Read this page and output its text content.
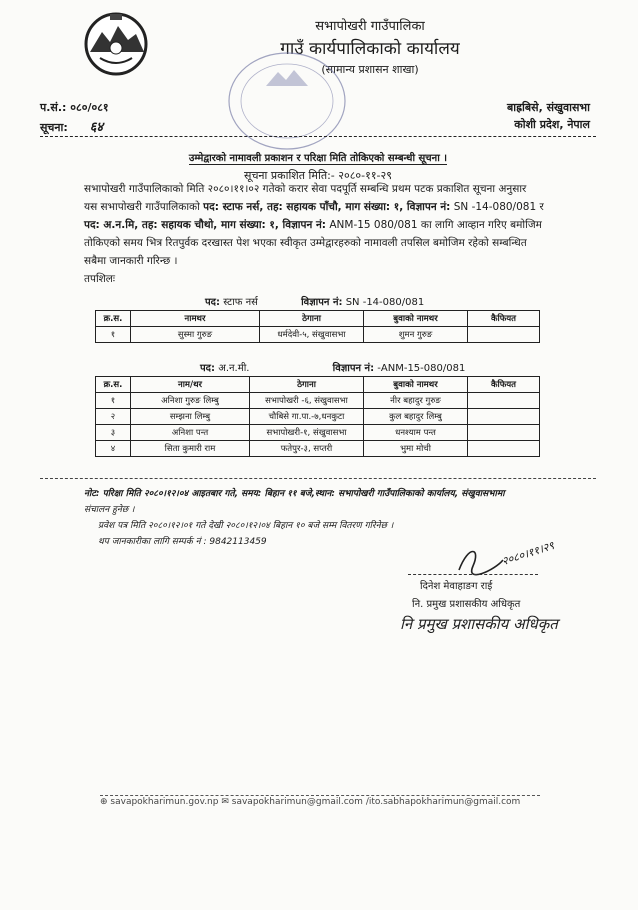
सभापोखरी गाउँपालिका
गाउँ कार्यपालिकाको कार्यालय
(सामान्य प्रशासन शाखा)
प.सं.: ०८०/०८१
सूचना: ६४
बाह्रबिसे, संखुवासभा
कोशी प्रदेश, नेपाल
उम्मेद्वारको नामावली प्रकाशन र परिक्षा मिति तोकिएको सम्बन्धी सूचना ।
सूचना प्रकाशित मिति:- २०८०-११-२९
सभापोखरी गाउँपालिकाको मिति २०८०।११।०२ गतेको करार सेवा पदपूर्ति सम्बन्धि प्रथम पटक प्रकाशित सूचना अनुसार
यस सभापोखरी गाउँपालिकाको पद: स्टाफ नर्स, तह: सहायक पाँचौ, माग संख्या: १, विज्ञापन नं: SN -14-080/081 र
पद: अ.न.मि, तह: सहायक चौथो, माग संख्या: १, विज्ञापन नं: ANM-15 080/081 का लागि आव्हान गरिए बमोजिम
तोकिएको समय भित्र रितपुर्वक दरखास्त पेश भएका स्वीकृत उम्मेद्वारहरुको नामावली तपसिल बमोजिम रहेको सम्बन्धित
सबैमा जानकारी गरिन्छ ।
तपशिलः
पद: स्टाफ नर्स	विज्ञापन नं: SN -14-080/081
क्र.स.	नामथर	ठेगाना	बुवाको नामथर	कैफियत
१	सुस्मा गुरुङ	धर्मदेवी-५, संखुवासभा	शुमन गुरुङ	
पद: अ.न.मी.	विज्ञापन नं: -ANM-15-080/081
क्र.स.	नाम/थर	ठेगाना	बुवाको नामथर	कैफियत
१	अनिशा गुरुङ लिम्बु	सभापोखरी -६, संखुवासभा	नीर बहादुर गुरुङ	
२	सम्झना लिम्बु	चौबिसे गा.पा.-७,धनकुटा	कुल बहादुर लिम्बु	
३	अनिशा पन्त	सभापोखरी-१, संखुवासभा	धनश्याम पन्त	
४	सिता कुमारी राम	फतेपुर-३, सप्तरी	भुमा मोची	
नोट: परिक्षा मिति २०८०।१२।०४ आइतबार गते, समय: बिहान ११ बजे,स्थान: सभापोखरी गाउँपालिकाको कार्यालय, संखुवासभामा
संचालन हुनेछ ।
प्रवेश पत्र मिति २०८०।१२।०१ गते देखी २०८०।१२।०४ बिहान १० बजे सम्म वितरण गरिनेछ ।
थप जानकारीका लागि सम्पर्क नं : 9842113459	२०८०।११।२९
दिनेश मेवाहाङग राई
नि. प्रमुख प्रशासकीय अधिकृत
नि प्रमुख प्रशासकीय अधिकृत
⊕ savapokharimun.gov.np ✉ savapokharimun@gmail.com /ito.sabhapokharimun@gmail.com
